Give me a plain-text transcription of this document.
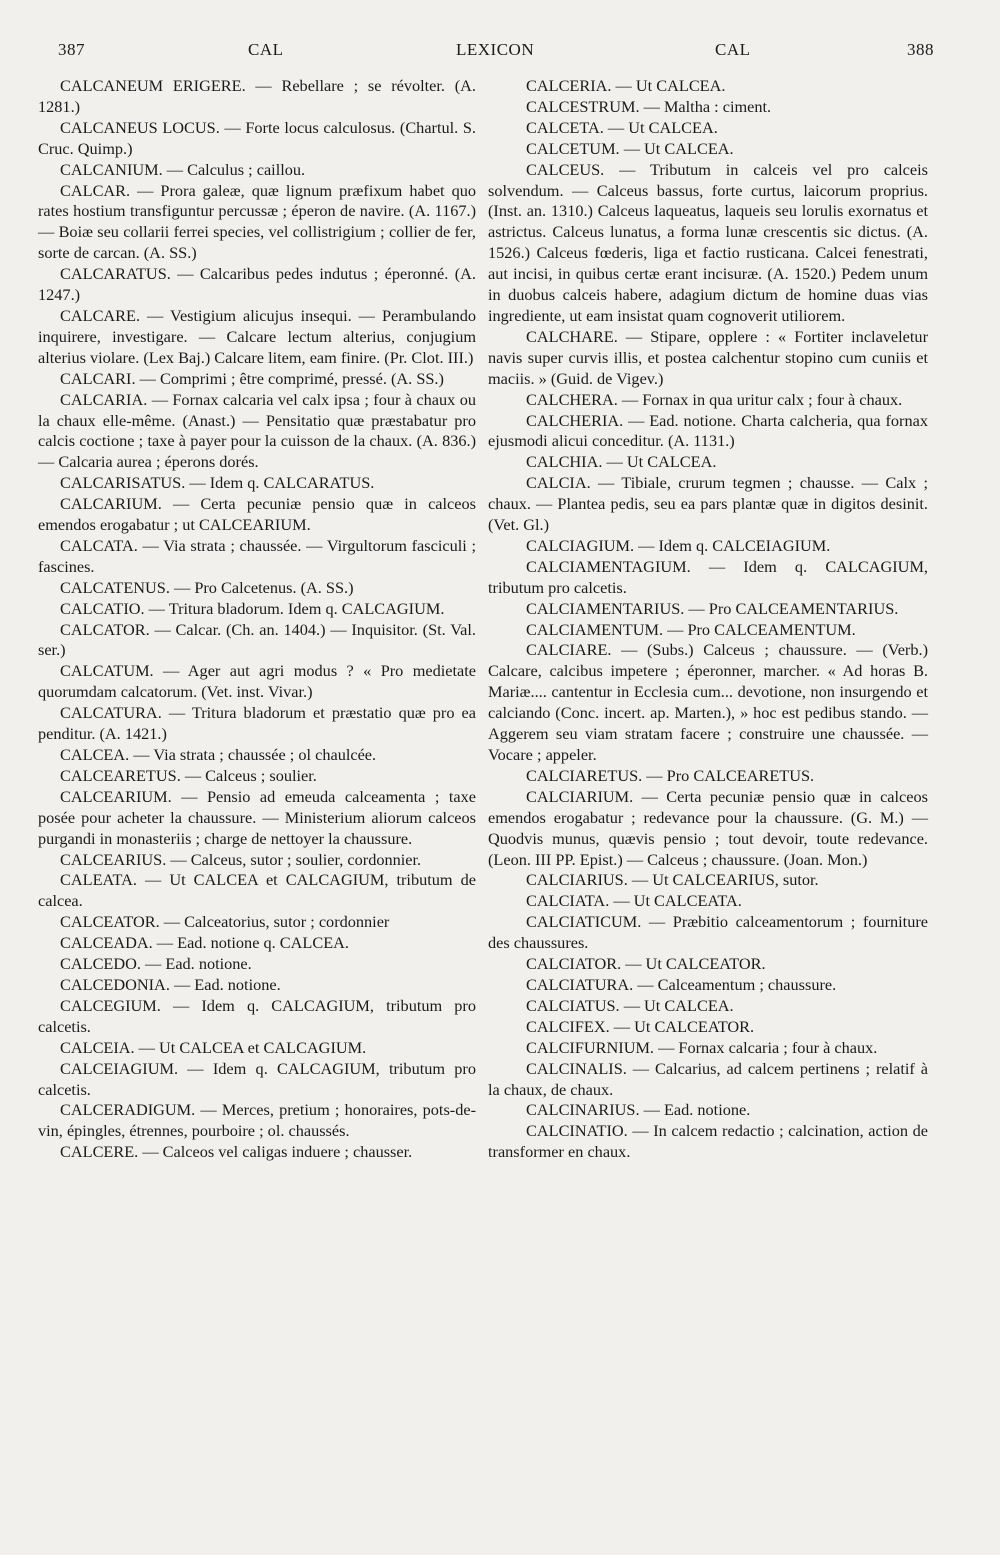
387	CAL	LEXICON	CAL	388

CALCANEUM ERIGERE. — Rebellare ; se révolter. (A. 1281.)

CALCANEUS LOCUS. — Forte locus calculosus. (Chartul. S. Cruc. Quimp.)

CALCANIUM. — Calculus ; caillou.

CALCAR. — Prora galeæ, quæ lignum præfixum habet quo rates hostium transfiguntur percussæ ; éperon de navire. (A. 1167.) — Boiæ seu collarii ferrei species, vel collistrigium ; collier de fer, sorte de carcan. (A. SS.)

CALCARATUS. — Calcaribus pedes indutus ; éperonné. (A. 1247.)

CALCARE. — Vestigium alicujus insequi. — Perambulando inquirere, investigare. — Calcare lectum alterius, conjugium alterius violare. (Lex Baj.) Calcare litem, eam finire. (Pr. Clot. III.)

CALCARI. — Comprimi ; être comprimé, pressé. (A. SS.)

CALCARIA. — Fornax calcaria vel calx ipsa ; four à chaux ou la chaux elle-même. (Anast.) — Pensitatio quæ præstabatur pro calcis coctione ; taxe à payer pour la cuisson de la chaux. (A. 836.) — Calcaria aurea ; éperons dorés.

CALCARISATUS. — Idem q. CALCARATUS.

CALCARIUM. — Certa pecuniæ pensio quæ in calceos emendos erogabatur ; ut CALCEARIUM.

CALCATA. — Via strata ; chaussée. — Virgultorum fasciculi ; fascines.

CALCATENUS. — Pro Calcetenus. (A. SS.)

CALCATIO. — Tritura bladorum. Idem q. CALCAGIUM.

CALCATOR. — Calcar. (Ch. an. 1404.) — Inquisitor. (St. Val. ser.)

CALCATUM. — Ager aut agri modus ? « Pro medietate quorumdam calcatorum. (Vet. inst. Vivar.)

CALCATURA. — Tritura bladorum et præstatio quæ pro ea penditur. (A. 1421.)

CALCEA. — Via strata ; chaussée ; ol chaulcée.

CALCEARETUS. — Calceus ; soulier.

CALCEARIUM. — Pensio ad emeuda calceamenta ; taxe posée pour acheter la chaussure. — Ministerium aliorum calceos purgandi in monasteriis ; charge de nettoyer la chaussure.

CALCEARIUS. — Calceus, sutor ; soulier, cordonnier.

CALEATA. — Ut CALCEA et CALCAGIUM, tributum de calcea.

CALCEATOR. — Calceatorius, sutor ; cordonnier

CALCEADA. — Ead. notione q. CALCEA.

CALCEDO. — Ead. notione.

CALCEDONIA. — Ead. notione.

CALCEGIUM. — Idem q. CALCAGIUM, tributum pro calcetis.

CALCEIA. — Ut CALCEA et CALCAGIUM.

CALCEIAGIUM. — Idem q. CALCAGIUM, tributum pro calcetis.

CALCERADIGUM. — Merces, pretium ; honoraires, pots-de-vin, épingles, étrennes, pourboire ; ol. chaussés.

CALCERE. — Calceos vel caligas induere ; chausser.

CALCERIA. — Ut CALCEA.

CALCESTRUM. — Maltha : ciment.

CALCETA. — Ut CALCEA.

CALCETUM. — Ut CALCEA.

CALCEUS. — Tributum in calceis vel pro calceis solvendum. — Calceus bassus, forte curtus, laicorum proprius. (Inst. an. 1310.) Calceus laqueatus, laqueis seu lorulis exornatus et astrictus. Calceus lunatus, a forma lunæ crescentis sic dictus. (A. 1526.) Calceus fœderis, liga et factio rusticana. Calcei fenestrati, aut incisi, in quibus certæ erant incisuræ. (A. 1520.) Pedem unum in duobus calceis habere, adagium dictum de homine duas vias ingrediente, ut eam insistat quam cognoverit utiliorem.

CALCHARE. — Stipare, opplere : « Fortiter inclaveletur navis super curvis illis, et postea calchentur stopino cum cuniis et maciis. » (Guid. de Vigev.)

CALCHERA. — Fornax in qua uritur calx ; four à chaux.

CALCHERIA. — Ead. notione. Charta calcheria, qua fornax ejusmodi alicui conceditur. (A. 1131.)

CALCHIA. — Ut CALCEA.

CALCIA. — Tibiale, crurum tegmen ; chausse. — Calx ; chaux. — Plantea pedis, seu ea pars plantæ quæ in digitos desinit. (Vet. Gl.)

CALCIAGIUM. — Idem q. CALCEIAGIUM.

CALCIAMENTAGIUM. — Idem q. CALCAGIUM, tributum pro calcetis.

CALCIAMENTARIUS. — Pro CALCEAMENTARIUS.

CALCIAMENTUM. — Pro CALCEAMENTUM.

CALCIARE. — (Subs.) Calceus ; chaussure. — (Verb.) Calcare, calcibus impetere ; éperonner, marcher. « Ad horas B. Mariæ.... cantentur in Ecclesia cum... devotione, non insurgendo et calciando (Conc. incert. ap. Marten.), » hoc est pedibus stando. — Aggerem seu viam stratam facere ; construire une chaussée. — Vocare ; appeler.

CALCIARETUS. — Pro CALCEARETUS.

CALCIARIUM. — Certa pecuniæ pensio quæ in calceos emendos erogabatur ; redevance pour la chaussure. (G. M.) — Quodvis munus, quævis pensio ; tout devoir, toute redevance. (Leon. III PP. Epist.) — Calceus ; chaussure. (Joan. Mon.)

CALCIARIUS. — Ut CALCEARIUS, sutor.

CALCIATA. — Ut CALCEATA.

CALCIATICUM. — Præbitio calceamentorum ; fourniture des chaussures.

CALCIATOR. — Ut CALCEATOR.

CALCIATURA. — Calceamentum ; chaussure.

CALCIATUS. — Ut CALCEA.

CALCIFEX. — Ut CALCEATOR.

CALCIFURNIUM. — Fornax calcaria ; four à chaux.

CALCINALIS. — Calcarius, ad calcem pertinens ; relatif à la chaux, de chaux.

CALCINARIUS. — Ead. notione.

CALCINATIO. — In calcem redactio ; calcination, action de transformer en chaux.
